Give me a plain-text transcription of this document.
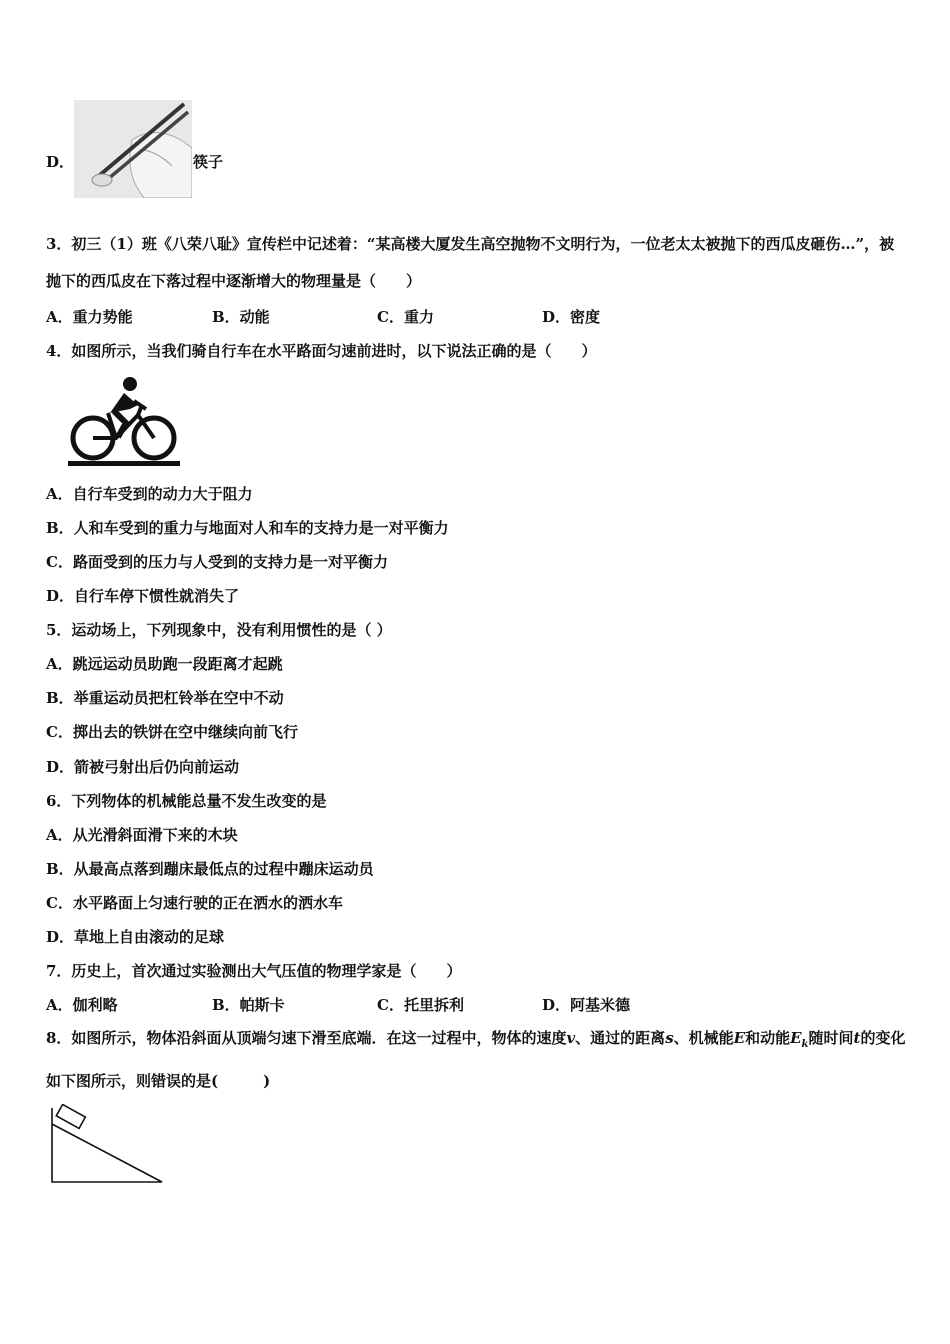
D．	筷子
3．初三（1）班《八荣八耻》宣传栏中记述着：“某高楼大厦发生高空抛物不文明行为，一位老太太被抛下的西瓜皮砸伤…”，被抛下的西瓜皮在下落过程中逐渐增大的物理量是（　　）
A．重力势能	B．动能	C．重力	D．密度
4．如图所示，当我们骑自行车在水平路面匀速前进时，以下说法正确的是（　　）
A．自行车受到的动力大于阻力
B．人和车受到的重力与地面对人和车的支持力是一对平衡力
C．路面受到的压力与人受到的支持力是一对平衡力
D．自行车停下惯性就消失了
5．运动场上，下列现象中，没有利用惯性的是（ ）
A．跳远运动员助跑一段距离才起跳
B．举重运动员把杠铃举在空中不动
C．掷出去的铁饼在空中继续向前飞行
D．箭被弓射出后仍向前运动
6．下列物体的机械能总量不发生改变的是
A．从光滑斜面滑下来的木块
B．从最高点落到蹦床最低点的过程中蹦床运动员
C．水平路面上匀速行驶的正在洒水的洒水车
D．草地上自由滚动的足球
7．历史上，首次通过实验测出大气压值的物理学家是（　　）
A．伽利略	B．帕斯卡	C．托里拆利	D．阿基米德
8．如图所示，物体沿斜面从顶端匀速下滑至底端．在这一过程中，物体的速度v、通过的距离s、机械能E和动能$E_k$随时间t的变化如下图所示，则错误的是(　　　)
